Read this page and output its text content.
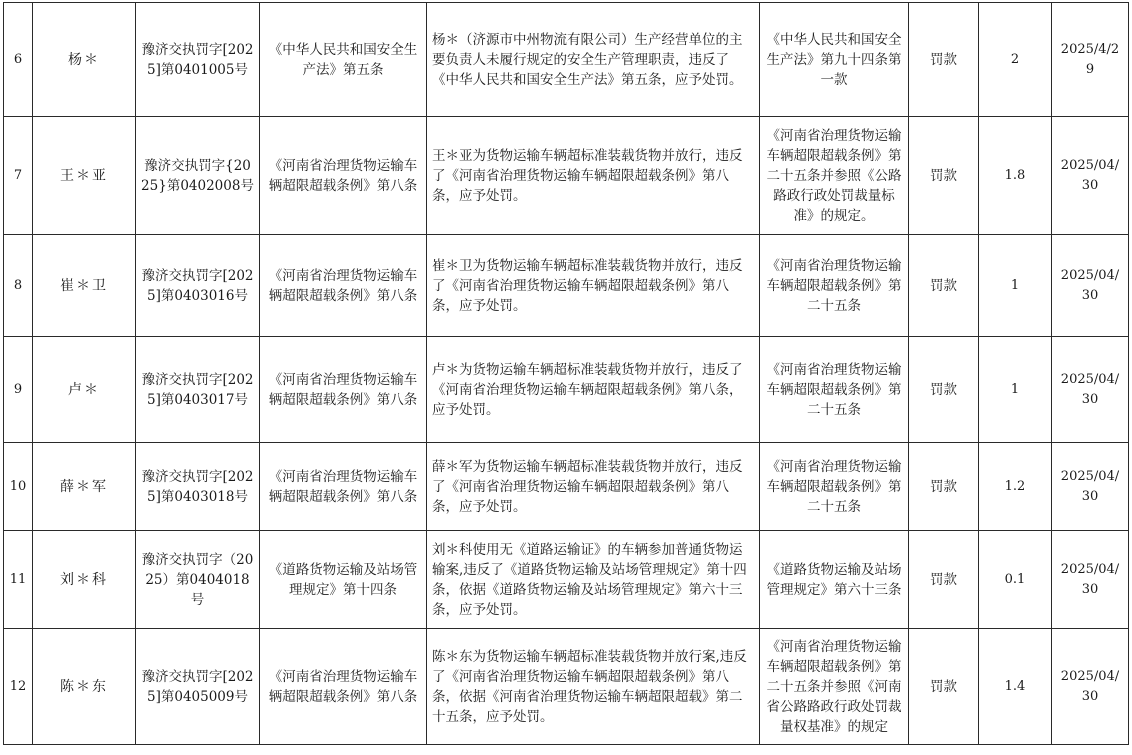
6	杨＊	豫济交执罚字[2025]第0401005号	《中华人民共和国安全生产法》第五条	杨＊（济源市中州物流有限公司）生产经营单位的主要负责人未履行规定的安全生产管理职责，违反了《中华人民共和国安全生产法》第五条，应予处罚。	《中华人民共和国安全生产法》第九十四条第一款	罚款	2	2025/4/29
7	王＊亚	豫济交执罚字{2025}第0402008号	《河南省治理货物运输车辆超限超载条例》第八条	王＊亚为货物运输车辆超标准装载货物并放行，违反了《河南省治理货物运输车辆超限超载条例》第八条，应予处罚。	《河南省治理货物运输车辆超限超载条例》第二十五条并参照《公路路政行政处罚裁量标准》的规定。	罚款	1.8	2025/04/30
8	崔＊卫	豫济交执罚字[2025]第0403016号	《河南省治理货物运输车辆超限超载条例》第八条	崔＊卫为货物运输车辆超标准装载货物并放行，违反了《河南省治理货物运输车辆超限超载条例》第八条，应予处罚。	《河南省治理货物运输车辆超限超载条例》第二十五条	罚款	1	2025/04/30
9	卢＊	豫济交执罚字[2025]第0403017号	《河南省治理货物运输车辆超限超载条例》第八条	卢＊为货物运输车辆超标准装载货物并放行，违反了《河南省治理货物运输车辆超限超载条例》第八条，应予处罚。	《河南省治理货物运输车辆超限超载条例》第二十五条	罚款	1	2025/04/30
10	薛＊军	豫济交执罚字[2025]第0403018号	《河南省治理货物运输车辆超限超载条例》第八条	薛＊军为货物运输车辆超标准装载货物并放行，违反了《河南省治理货物运输车辆超限超载条例》第八条，应予处罚。	《河南省治理货物运输车辆超限超载条例》第二十五条	罚款	1.2	2025/04/30
11	刘＊科	豫济交执罚字（2025）第0404018号	《道路货物运输及站场管理规定》第十四条	刘＊科使用无《道路运输证》的车辆参加普通货物运输案,违反了《道路货物运输及站场管理规定》第十四条，依据《道路货物运输及站场管理规定》第六十三条，应予处罚。	《道路货物运输及站场管理规定》第六十三条	罚款	0.1	2025/04/30
12	陈＊东	豫济交执罚字[2025]第0405009号	《河南省治理货物运输车辆超限超载条例》第八条	陈＊东为货物运输车辆超标准装载货物并放行案,违反了《河南省治理货物运输车辆超限超载条例》第八条，依据《河南省治理货物运输车辆超限超载》第二十五条，应予处罚。	《河南省治理货物运输车辆超限超载条例》第二十五条并参照《河南省公路路政行政处罚裁量权基准》的规定	罚款	1.4	2025/04/30
